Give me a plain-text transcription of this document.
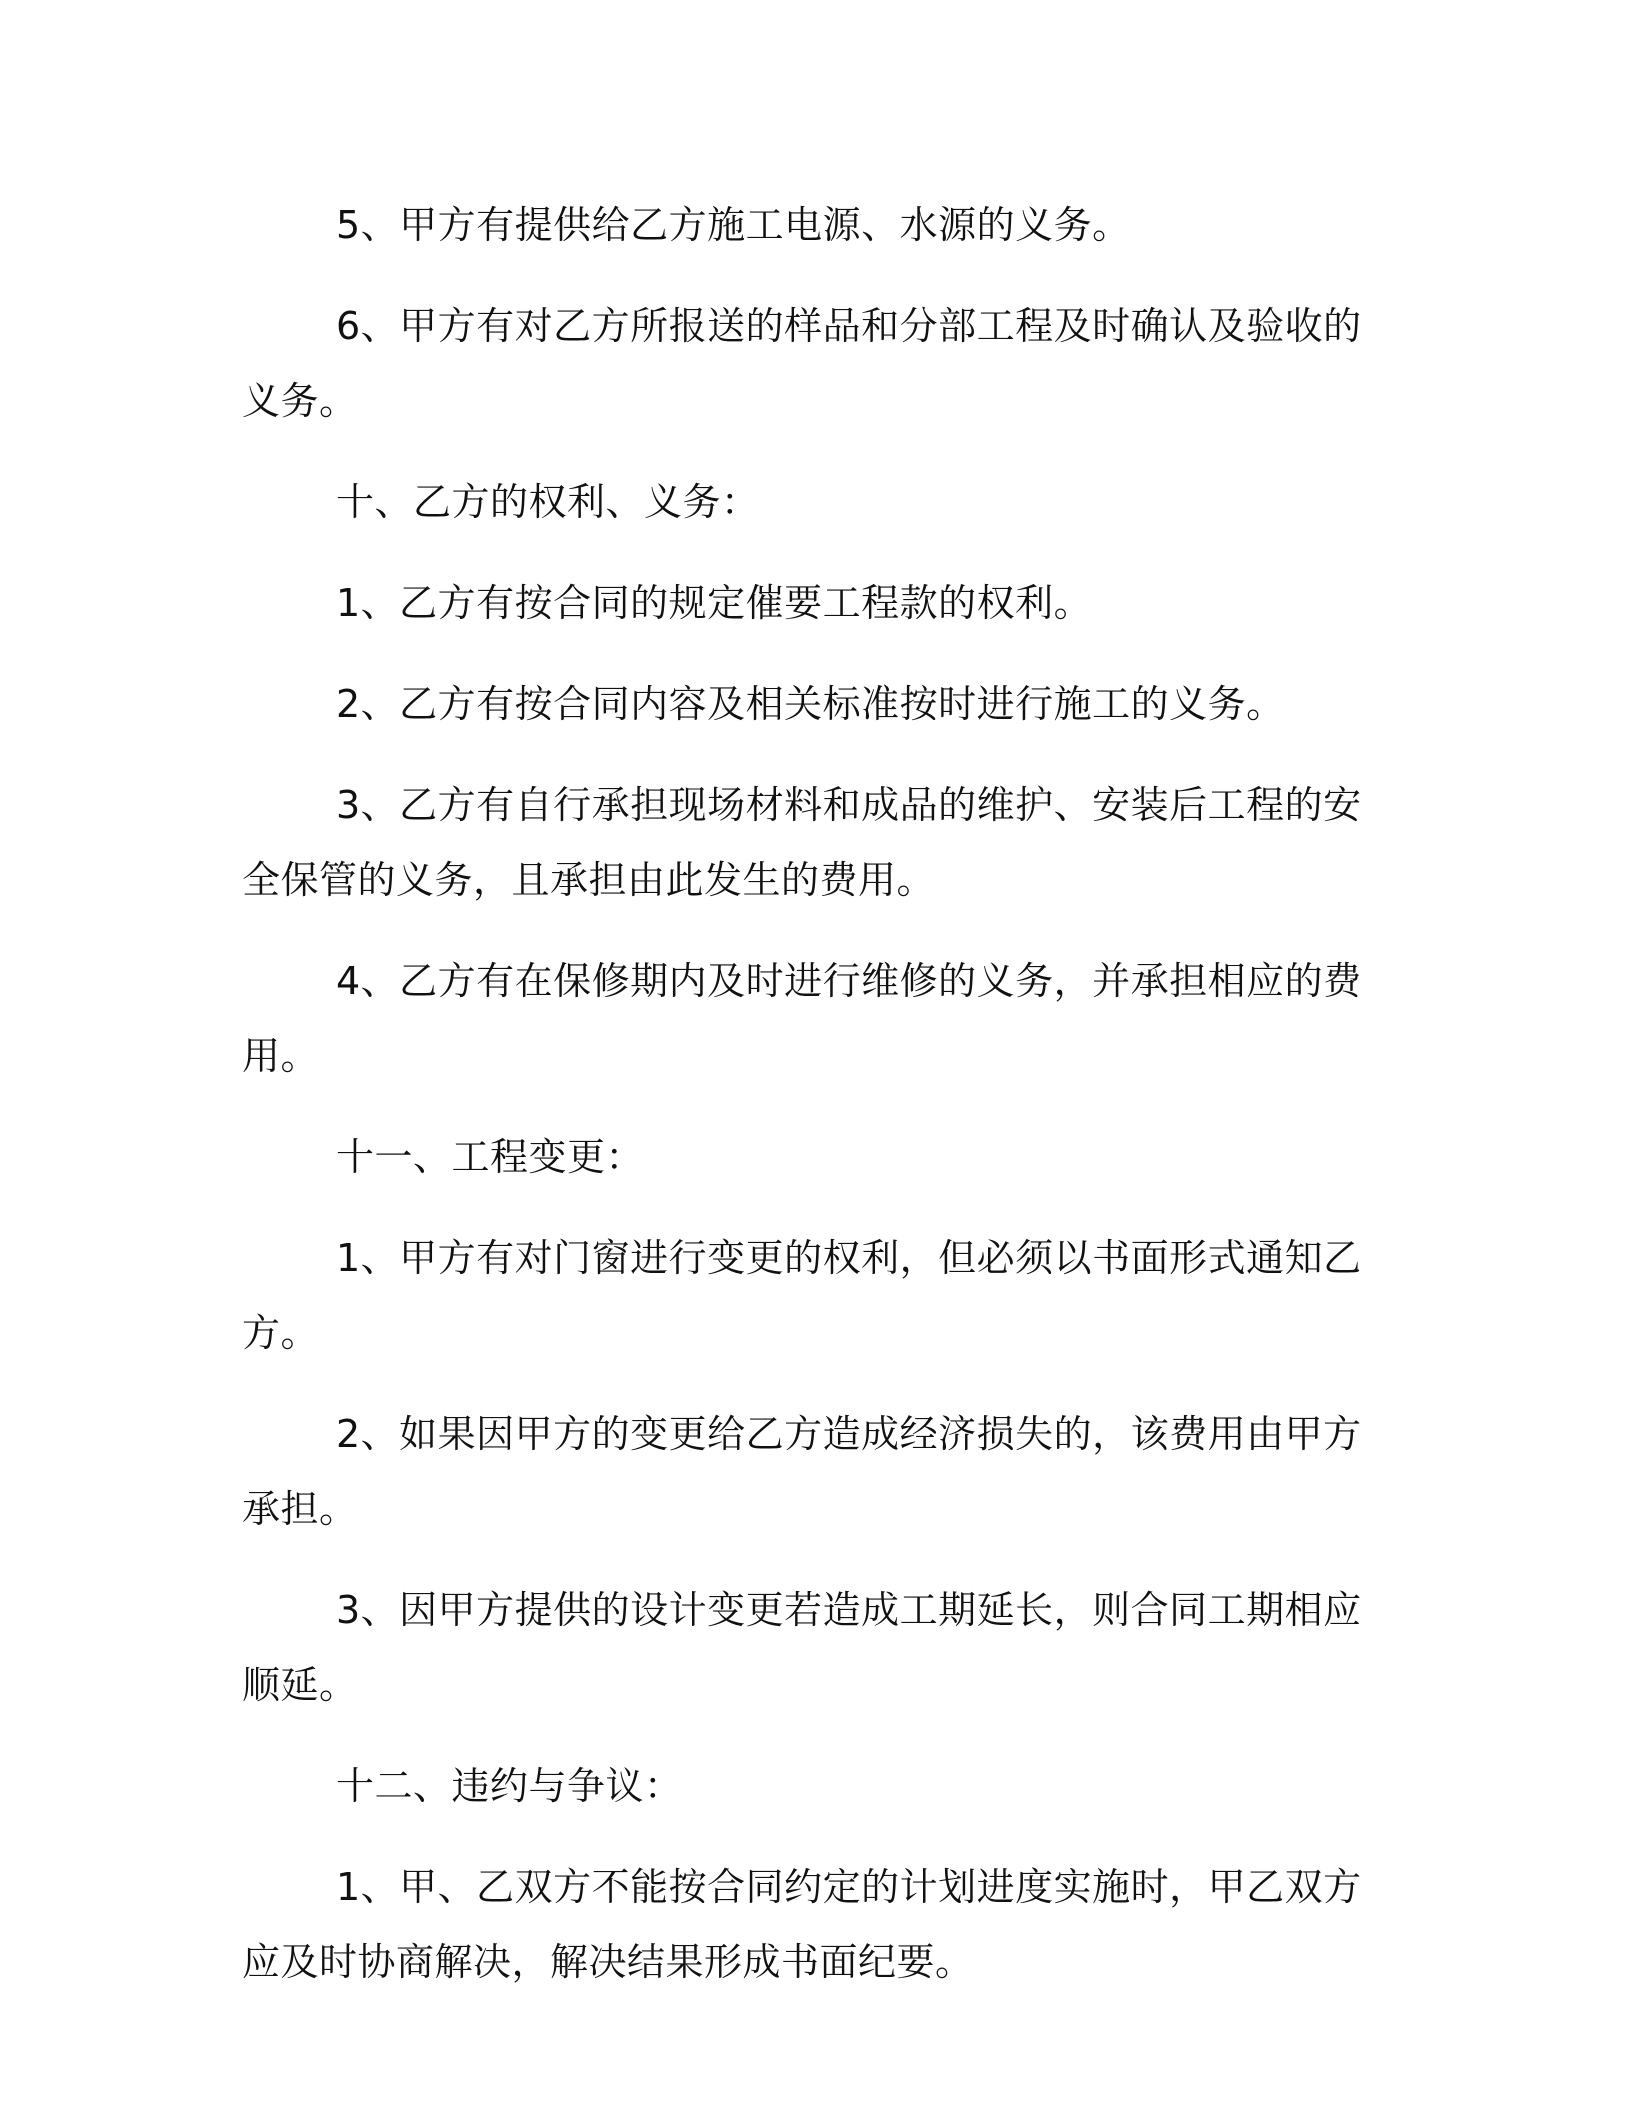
5、甲方有提供给乙方施工电源、水源的义务。

6、甲方有对乙方所报送的样品和分部工程及时确认及验收的义务。

十、乙方的权利、义务：

1、乙方有按合同的规定催要工程款的权利。

2、乙方有按合同内容及相关标准按时进行施工的义务。

3、乙方有自行承担现场材料和成品的维护、安装后工程的安全保管的义务，且承担由此发生的费用。

4、乙方有在保修期内及时进行维修的义务，并承担相应的费用。

十一、工程变更：

1、甲方有对门窗进行变更的权利，但必须以书面形式通知乙方。

2、如果因甲方的变更给乙方造成经济损失的，该费用由甲方承担。

3、因甲方提供的设计变更若造成工期延长，则合同工期相应顺延。

十二、违约与争议：

1、甲、乙双方不能按合同约定的计划进度实施时，甲乙双方应及时协商解决，解决结果形成书面纪要。
